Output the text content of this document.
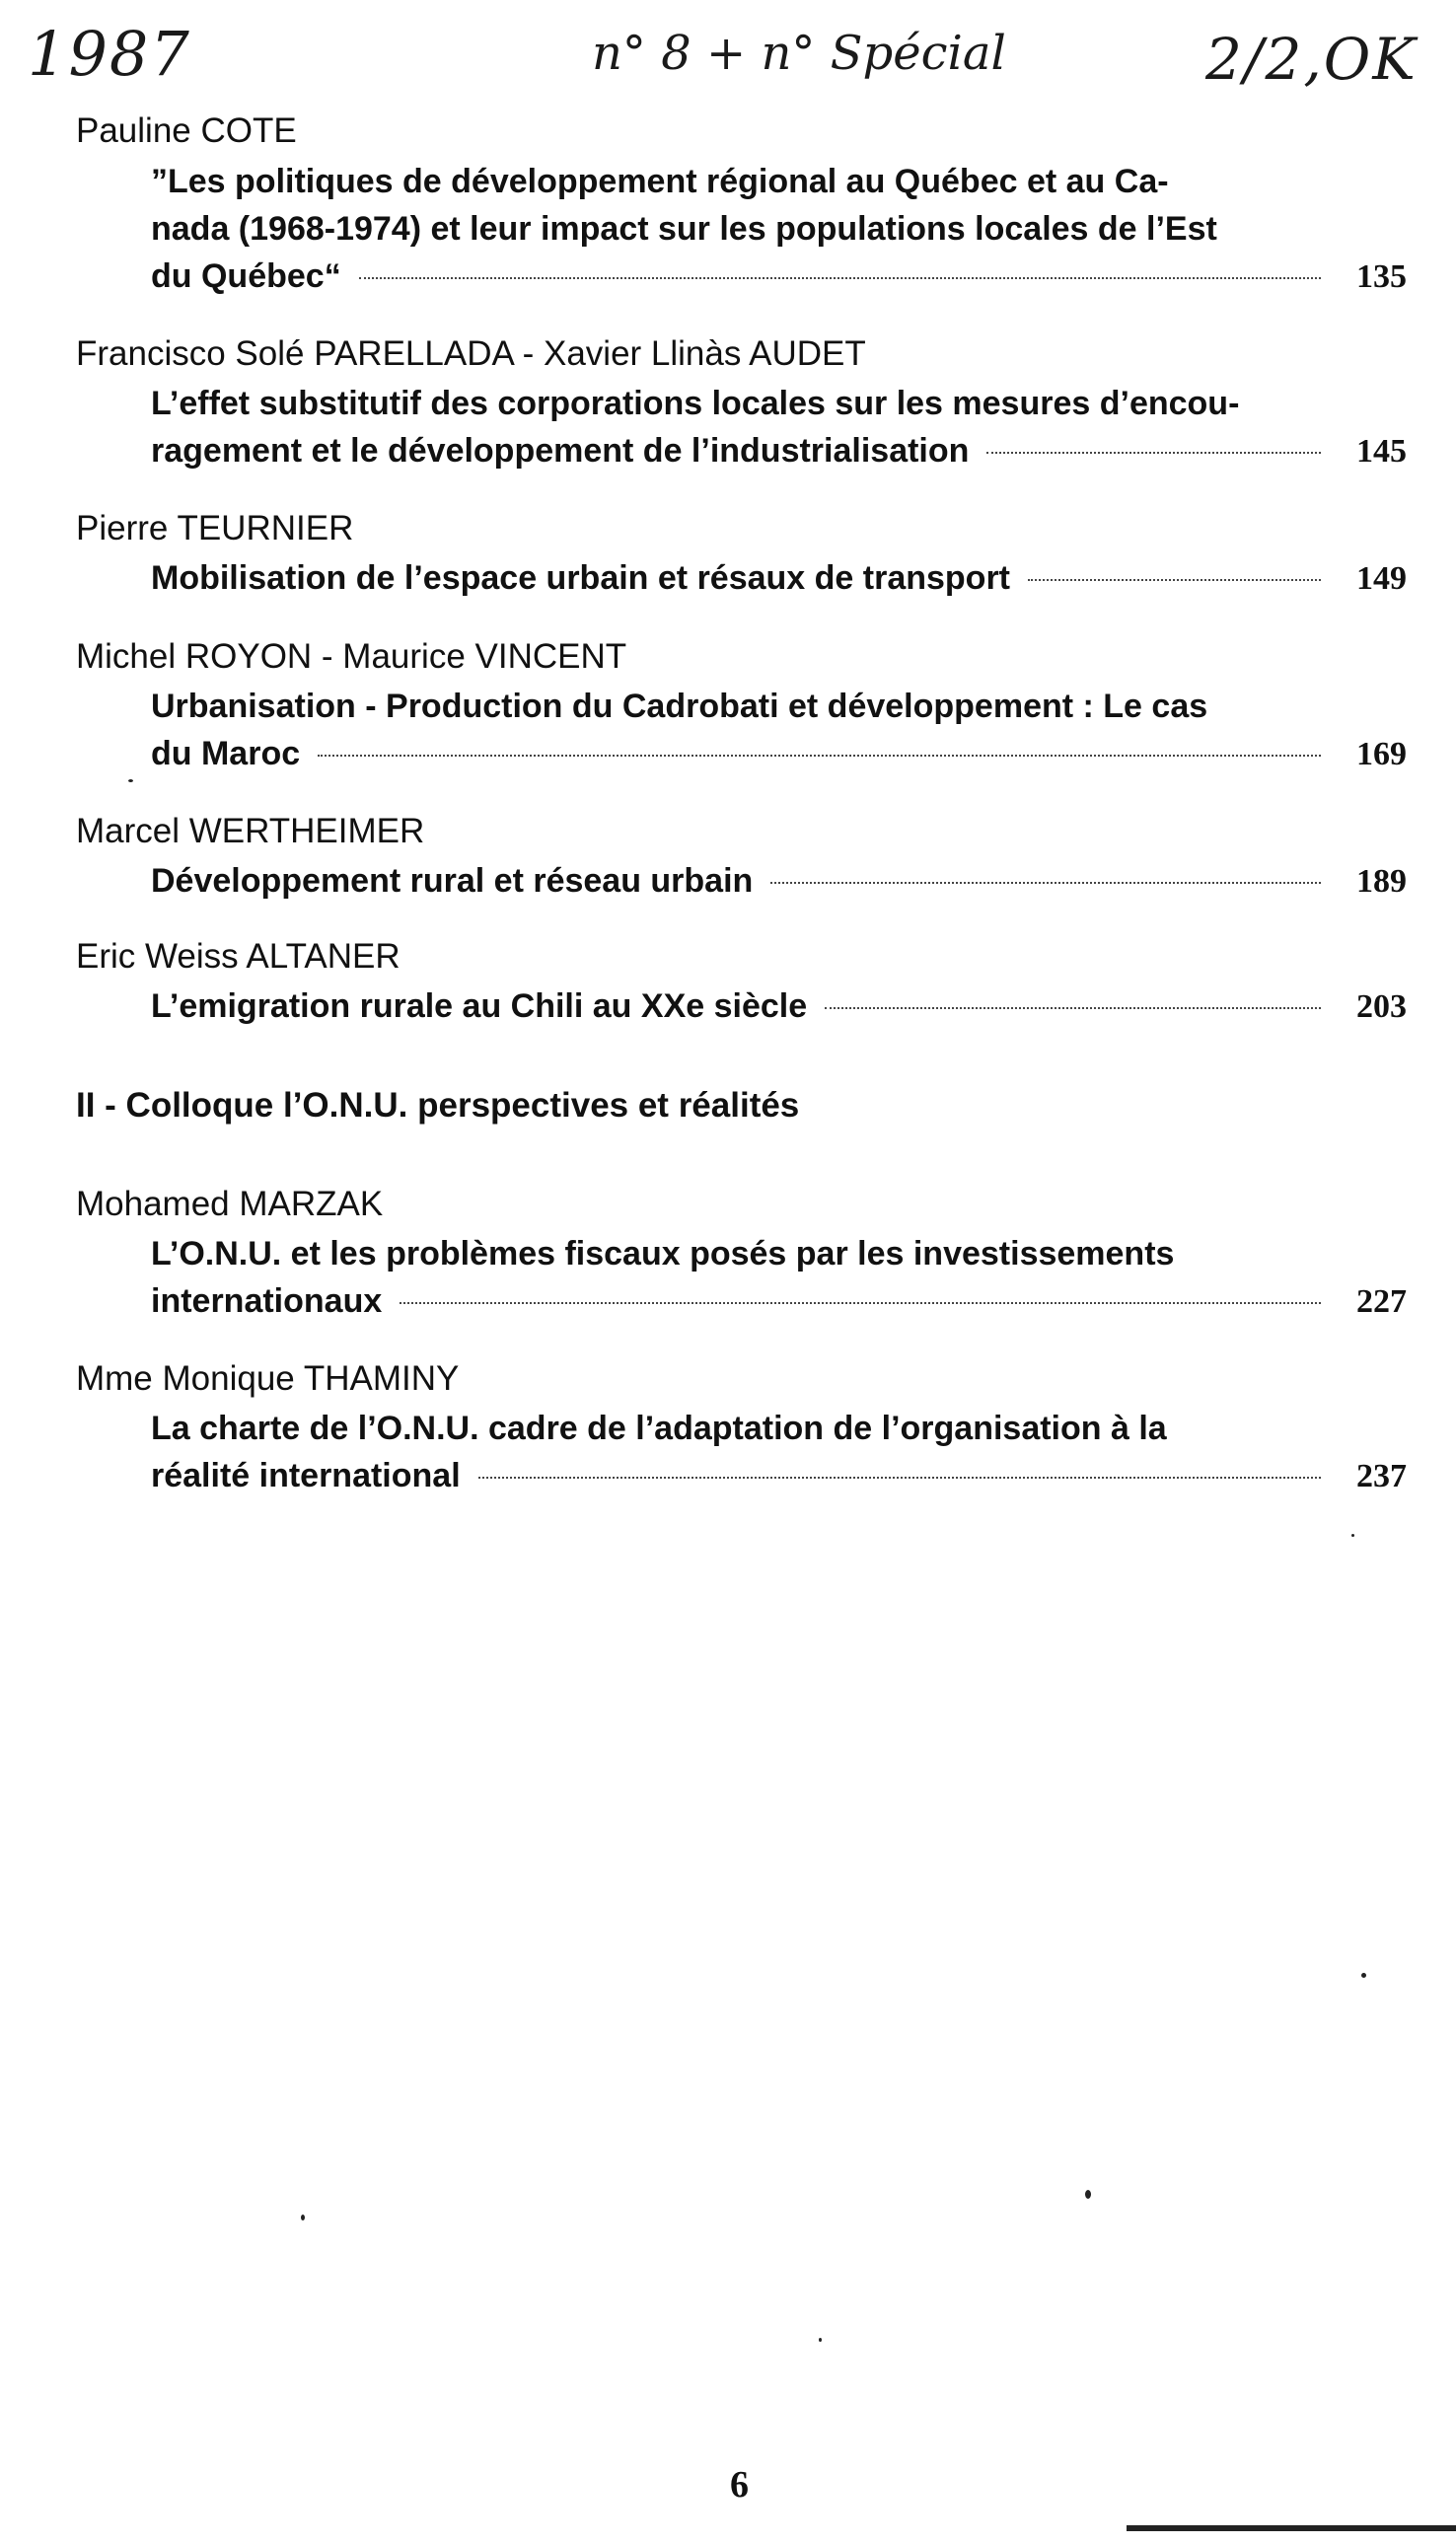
1987	n° 8 + n° Spécial	2/2,OK
Pauline COTE
”Les politiques de développement régional au Québec et au Ca-
nada (1968-1974) et leur impact sur les populations locales de l’Est
du Québec“	135
Francisco Solé PARELLADA - Xavier Llinàs AUDET
L’effet substitutif des corporations locales sur les mesures d’encou-
ragement et le développement de l’industrialisation	145
Pierre TEURNIER
Mobilisation de l’espace urbain et résaux de transport	149
Michel ROYON - Maurice VINCENT
Urbanisation - Production du Cadrobati et développement : Le cas
du Maroc	169
Marcel WERTHEIMER
Développement rural et réseau urbain	189
Eric Weiss ALTANER
L’emigration rurale au Chili au XXe siècle	203
II - Colloque l’O.N.U. perspectives et réalités
Mohamed MARZAK
L’O.N.U. et les problèmes fiscaux posés par les investissements
internationaux	227
Mme Monique THAMINY
La charte de l’O.N.U. cadre de l’adaptation de l’organisation à la
réalité international	237
6
